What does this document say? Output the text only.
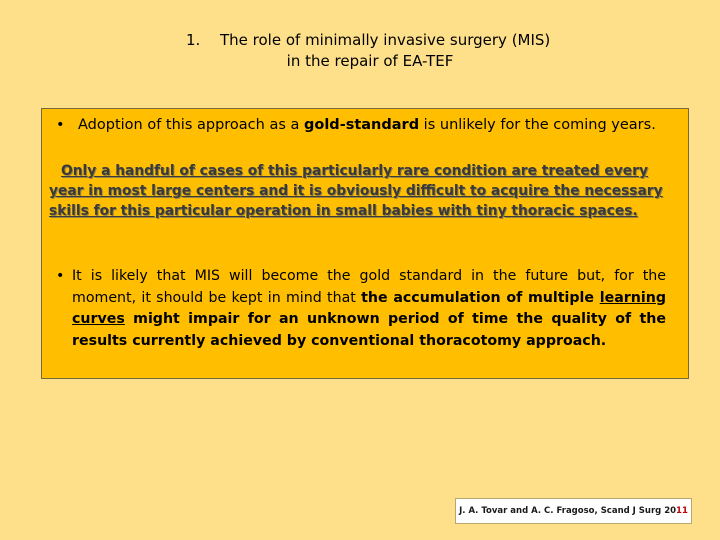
1. The role of minimally invasive surgery (MIS)
in the repair of EA-TEF
• Adoption of this approach as a gold-standard is unlikely for the coming years.
Only a handful of cases of this particularly rare condition are treated every year in most large centers and it is obviously difficult to acquire the necessary skills for this particular operation in small babies with tiny thoracic spaces.
• It is likely that MIS will become the gold standard in the future but, for the moment, it should be kept in mind that the accumulation of multiple learning curves might impair for an unknown period of time the quality of the results currently achieved by conventional thoracotomy approach.
J. A. Tovar and A. C. Fragoso, Scand J Surg 2011
